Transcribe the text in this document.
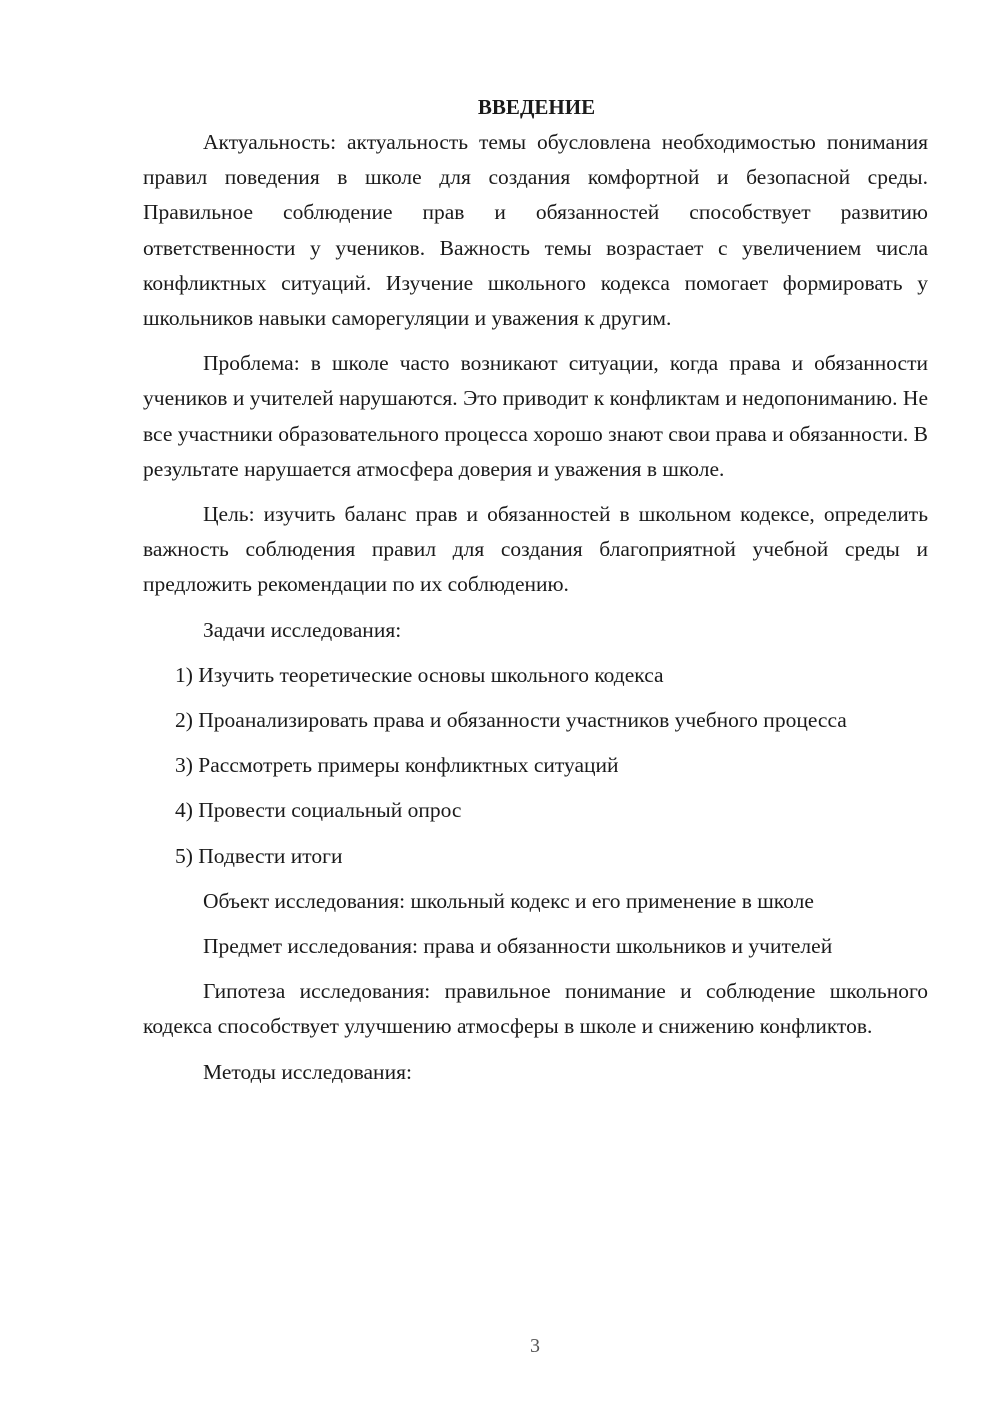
ВВЕДЕНИЕ

Актуальность: актуальность темы обусловлена необходимостью понимания правил поведения в школе для создания комфортной и безопасной среды. Правильное соблюдение прав и обязанностей способствует развитию ответственности у учеников. Важность темы возрастает с увеличением числа конфликтных ситуаций. Изучение школьного кодекса помогает формировать у школьников навыки саморегуляции и уважения к другим.

Проблема: в школе часто возникают ситуации, когда права и обязанности учеников и учителей нарушаются. Это приводит к конфликтам и недопониманию. Не все участники образовательного процесса хорошо знают свои права и обязанности. В результате нарушается атмосфера доверия и уважения в школе.

Цель: изучить баланс прав и обязанностей в школьном кодексе, определить важность соблюдения правил для создания благоприятной учебной среды и предложить рекомендации по их соблюдению.

Задачи исследования:

1) Изучить теоретические основы школьного кодекса

2) Проанализировать права и обязанности участников учебного процесса

3) Рассмотреть примеры конфликтных ситуаций

4) Провести социальный опрос

5) Подвести итоги

Объект исследования: школьный кодекс и его применение в школе

Предмет исследования: права и обязанности школьников и учителей

Гипотеза исследования: правильное понимание и соблюдение школьного кодекса способствует улучшению атмосферы в школе и снижению конфликтов.

Методы исследования:

3
